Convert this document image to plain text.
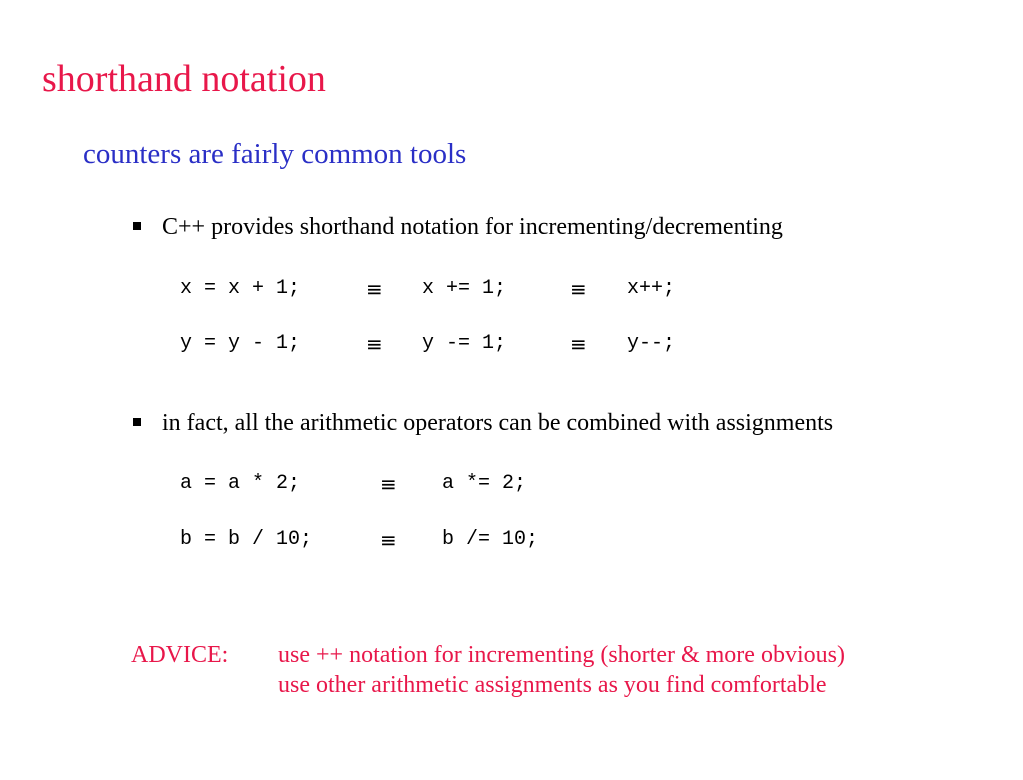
shorthand notation
counters are fairly common tools
C++ provides shorthand notation for incrementing/decrementing
x = x + 1;	≡ x += 1;	≡ x++;
y = y - 1;	≡ y -= 1;	≡ y--;
in fact, all the arithmetic operators can be combined with assignments
a = a * 2;	≡ a *= 2;
b = b / 10;	≡ b /= 10;
ADVICE: use ++ notation for incrementing (shorter & more obvious)
use other arithmetic assignments as you find comfortable
